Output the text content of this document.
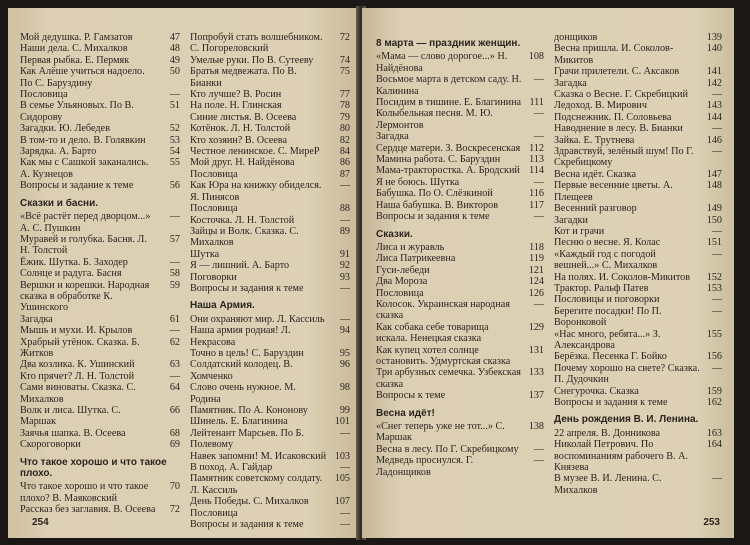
Мой дедушка. Р. Гамзатов	47
Наши дела. С. Михалков	48
Первая рыбка. Е. Пермяк	49
Как Алёше учиться надоело. По С. Баруздину
50
Пословица	—
В семье Ульяновых. По В. Сидорову
51
Загадки. Ю. Лебедев	52
В том-то и дело. В. Голявкин 53
Зарядка. А. Барто	54
Как мы с Сашкой заканались. А. Кузнецов
55
Вопросы и задание к теме	56
Сказки и басни.
«Всё растёт перед дворцом...» А. С. Пушкин
—
Муравей и голубка. Басня. Л. Н. Толстой
57
Ёжик. Шутка. Б. Заходер	—
Солнце и радуга. Басня	58
Вершки и корешки. Народная сказка в обработке К. Ушинского
59
Загадка	61
Мышь и мухи. И. Крылов	—
Храбрый утёнок. Сказка. Б. Житков
62
Два козлика. К. Ушинский	63
Кто прячет? Л. Н. Толстой	—
Сами виноваты. Сказка. С. Михалков
64
Волк и лиса. Шутка. С. Маршак
66
Заячья шапка. В. Осеева	68
Скороговорки	69
Что такое хорошо и что такое плохо.
Что такое хорошо и что такое плохо? В. Маяковский
70
Рассказ без заглавия. В. Осеева 72
Попробуй стать волшебником. С. Погореловский
72
Умелые руки. По В. Сутееву	74
Братья медвежата. По В. Бианки
75
Кто лучше? В. Росин	77
На поле. Н. Глинская	78
Синие листья. В. Осеева	79
Котёнок. Л. Н. Толстой	80
Кто хозяин? В. Осеева	82
Честное ленинское. С. МиреР 84
Мой друг. Н. Найдёнова	86
Пословица	87
Как Юра на книжку обиделся. Я. Пинясов
—
Пословица	88
Косточка. Л. Н. Толстой	—
Зайцы и Волк. Сказка. С. Михалков
89
Шутка	91
Я — лишний. А. Барто	92
Поговорки	93
Вопросы и задания к теме	—
Наша Армия.
Они охраняют мир. Л. Кассиль —
Наша армия родная! Л. Некрасова
94
Точно в цель! С. Баруздин	95
Солдатский колодец. В. Хомченко
96
Слово очень нужное. М. Родина
98
Памятник. По А. Кононову	99
Шинель. Е. Благинина	101
Лейтенант Марсьев. По Б. Полевому
—
Навек запомни! М. Исаковский 103
В поход. А. Гайдар	—
Памятник советскому солдату. Л. Кассиль
105
День Победы. С. Михалков	107
Пословица	—
Вопросы и задания к теме	—
254
8 марта — праздник женщин.
«Мама — слово дорогое...» Н. Найдёнова
108
Восьмое марта в детском саду. Н. Калинина
—
Посидим в тишине. Е. Благинина 111
Колыбельная песня. М. Ю. Лермонтов
—
Загадка	—
Сердце матери. З. Воскресенская 112
Мамина работа. С. Баруздин	113
Мама-тракторостка. А. Бродский 114
Я не боюсь. Шутка	—
Бабушка. По О. Слёзкиной	116
Наша бабушка. В. Викторов	117
Вопросы и задания к теме	—
Сказки.
Лиса и журавль	118
Лиса Патрикеевна	119
Гуси-лебеди	121
Два Мороза	124
Пословица	126
Колосок. Украинская народная сказка
—
Как собака себе товарища искала. Ненецкая сказка
129
Как купец хотел солнце остановить. Удмуртская сказка
131
Три арбузных семечка. Узбекская сказка
133
Вопросы к теме	137
Весна идёт!
«Снег теперь уже не тот...» С. Маршак
138
Весна в лесу. По Г. Скребицкому —
Медведь проснулся. Г. Ладонщиков
—
донщиков	139
Весна пришла. И. Соколов-Микитов
140
Грачи прилетели. С. Аксаков	141
Загадка	142
Сказка о Весне. Г. Скребицкий —
Ледоход. В. Мирович	143
Подснежник. П. Соловьева	144
Наводнение в лесу. В. Бианки	—
Зайка. Е. Трутнева	146
Здравствуй, зелёный шум! По Г. Скребицкому
—
Весна идёт. Сказка	147
Первые весенние цветы. А. Плещеев
148
Весенний разговор	149
Загадки	150
Кот и грачи	—
Песню о весне. Я. Колас	151
«Каждый год с погодой вешней...» С. Михалков
—
На полях. И. Соколов-Микитов 152
Трактор. Ральф Патев	153
Пословицы и поговорки	—
Берегите посадки! По П. Воронковой
—
«Нас много, ребята...» З. Александрова
155
Берёзка. Песенка Г. Бойко	156
Почему хорошо на свете? Сказка. П. Дудочкин
—
Снегурочка. Сказка	159
Вопросы и задания к теме	162
День рождения В. И. Ленина.
22 апреля. В. Донникова	163
Николай Петрович. По воспоминаниям рабочего В. А. Князева
164
В музее В. И. Ленина. С. Михалков
—
253
